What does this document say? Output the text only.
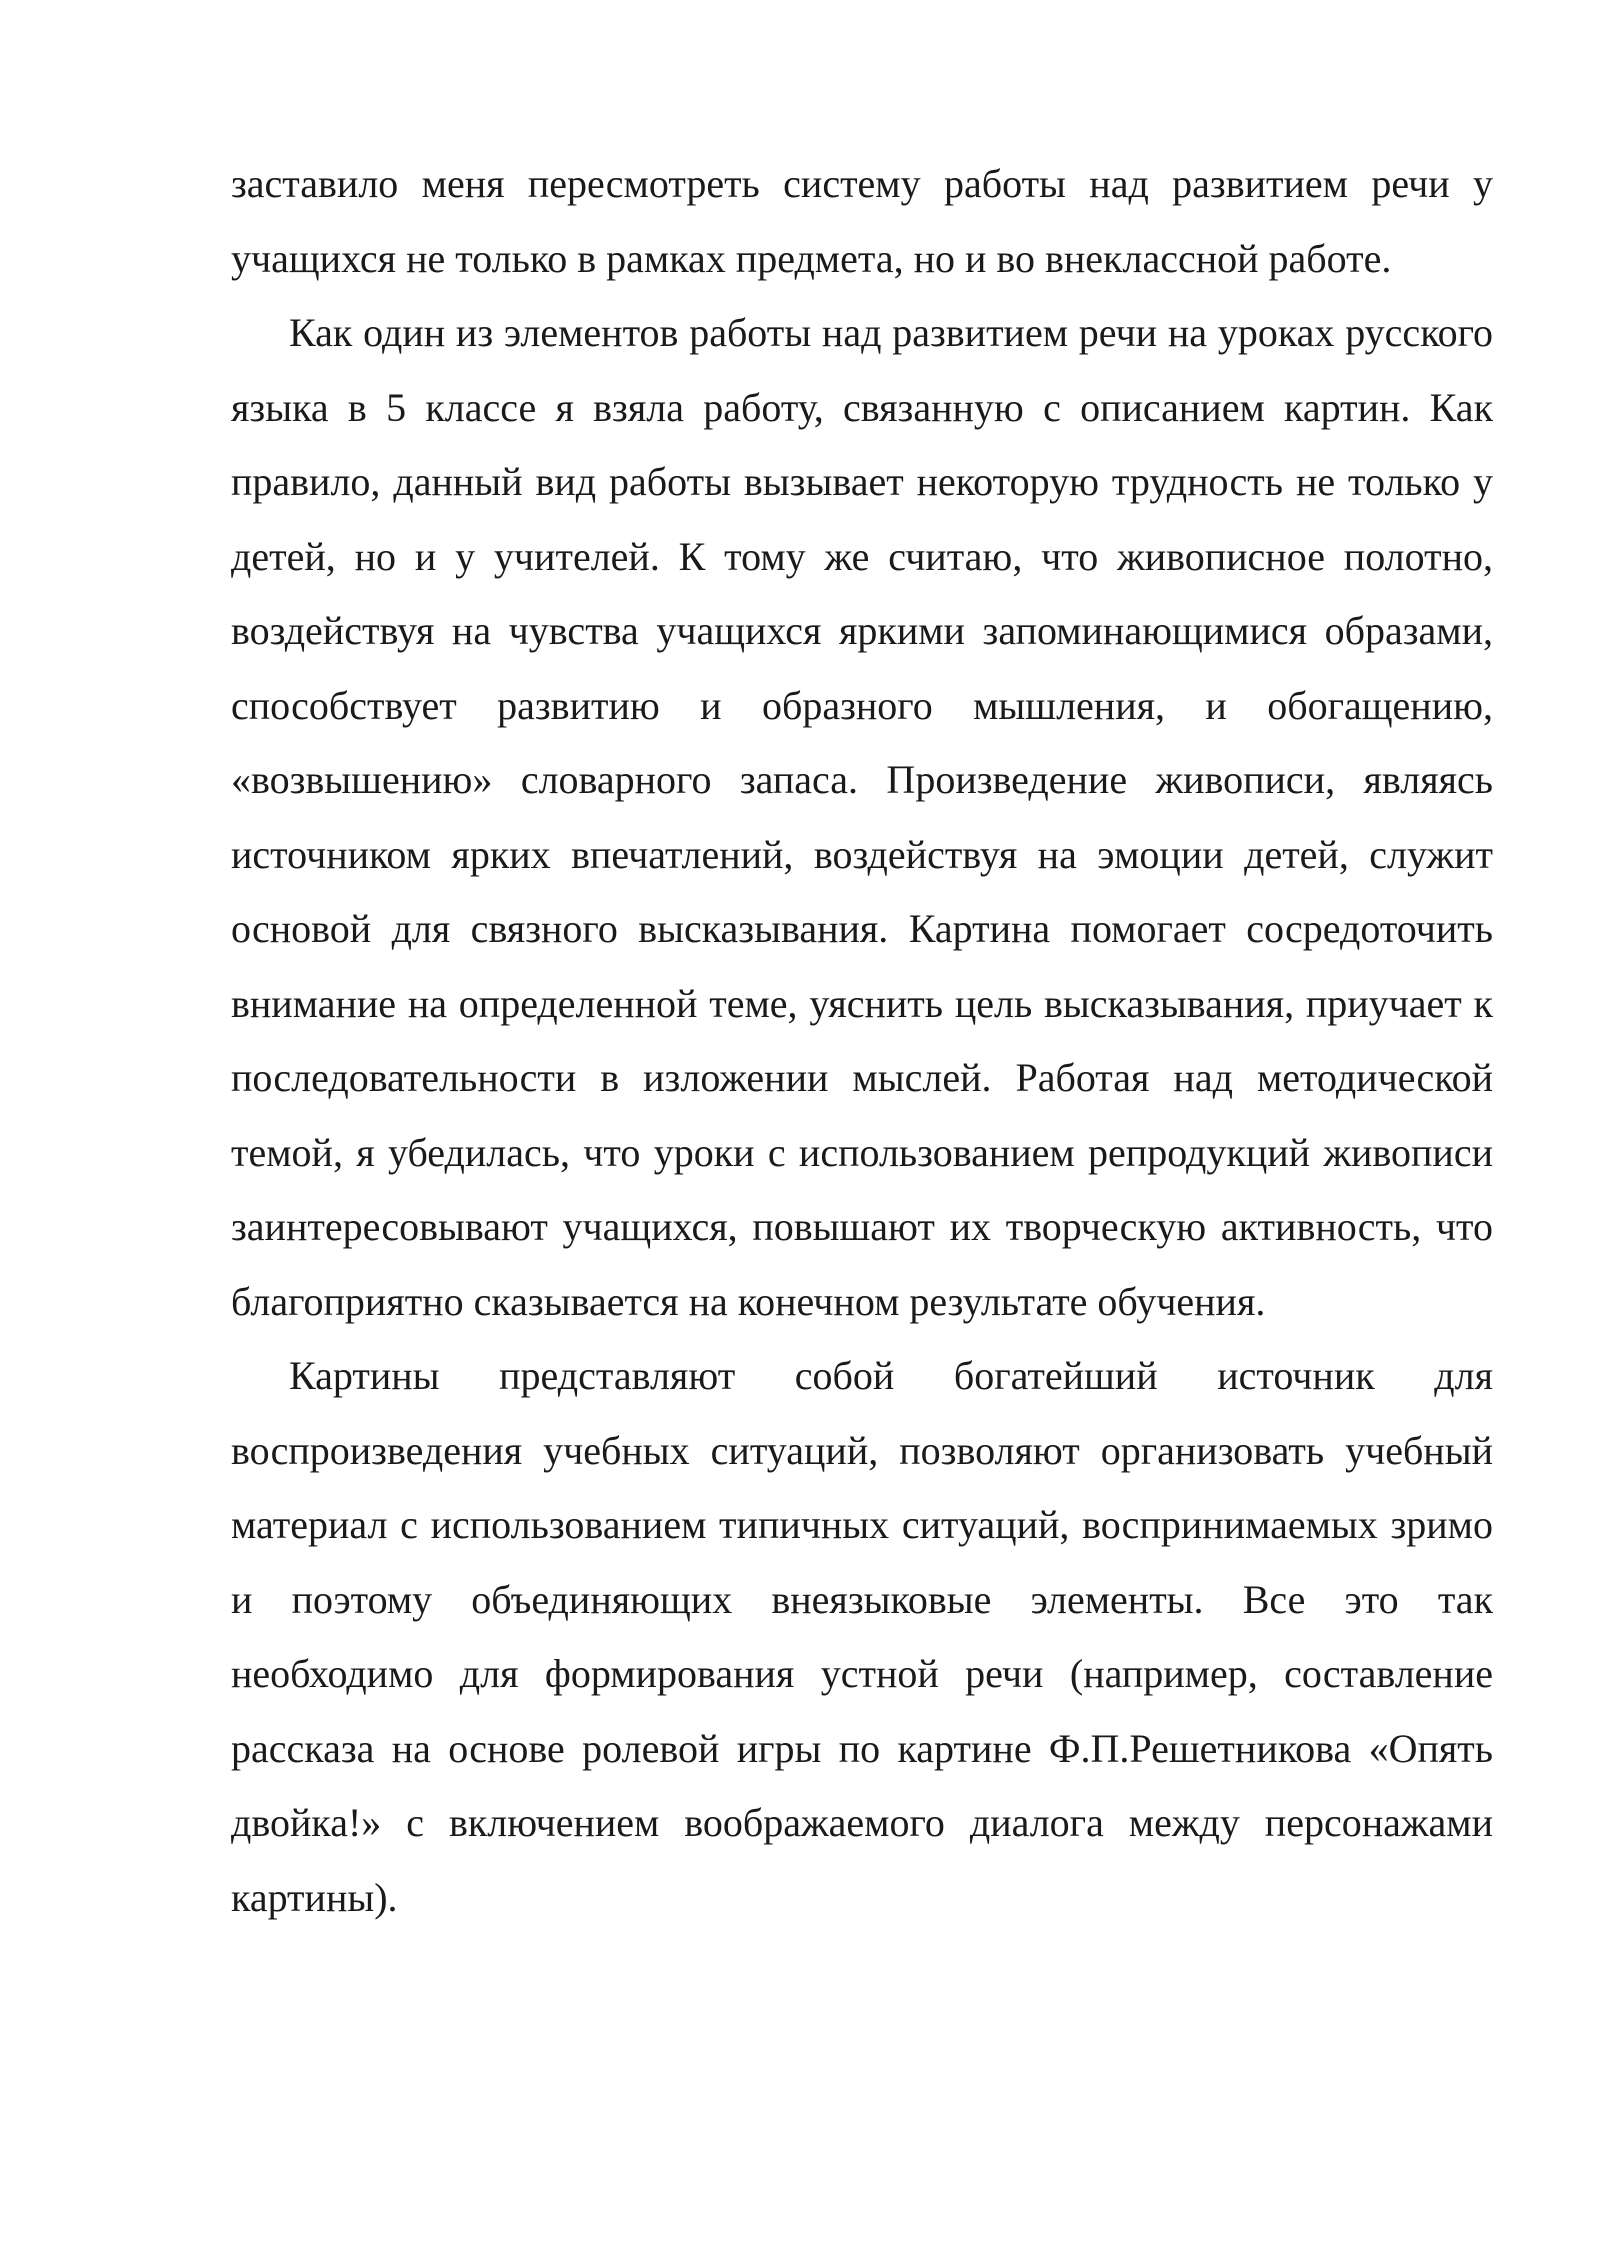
заставило меня пересмотреть систему работы над развитием речи у учащихся не только в рамках предмета, но и во внеклассной работе.

Как один из элементов работы над развитием речи на уроках русского языка в 5 классе я взяла работу, связанную с описанием картин. Как правило, данный вид работы вызывает некоторую трудность не только у детей, но и у учителей. К тому же считаю, что живописное полотно, воздействуя на чувства учащихся яркими запоминающимися образами, способствует развитию и образного мышления, и обогащению, «возвышению» словарного запаса. Произведение живописи, являясь источником ярких впечатлений, воздействуя на эмоции детей, служит основой для связного высказывания. Картина помогает сосредоточить внимание на определенной теме, уяснить цель высказывания, приучает к последовательности в изложении мыслей. Работая над методической темой, я убедилась, что уроки с использованием репродукций живописи заинтересовывают учащихся, повышают их творческую активность, что благоприятно сказывается на конечном результате обучения.

Картины представляют собой богатейший источник для воспроизведения учебных ситуаций, позволяют организовать учебный материал с использованием типичных ситуаций, воспринимаемых зримо и поэтому объединяющих внеязыковые элементы. Все это так необходимо для формирования устной речи (например, составление рассказа на основе ролевой игры по картине Ф.П.Решетникова «Опять двойка!» с включением воображаемого диалога между персонажами картины).
